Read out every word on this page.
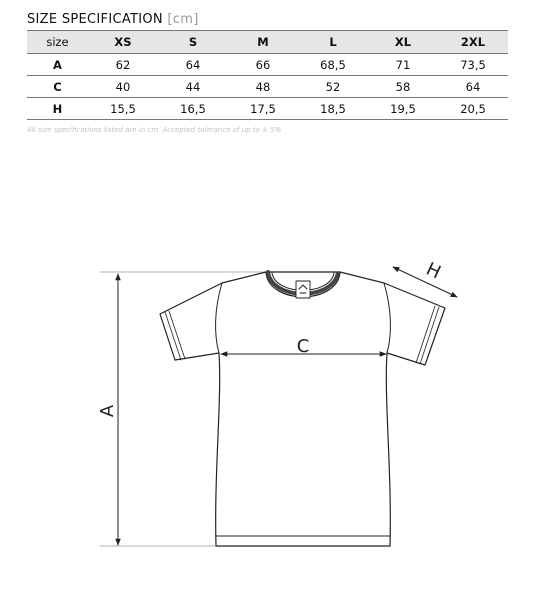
SIZE SPECIFICATION [cm]
size	XS	S	M	L	XL	2XL
A	62	64	66	68,5	71	73,5
C	40	44	48	52	58	64
H	15,5	16,5	17,5	18,5	19,5	20,5
All size specifications listed are in cm. Accepted tolerance of up to ± 5%
A
C
H
